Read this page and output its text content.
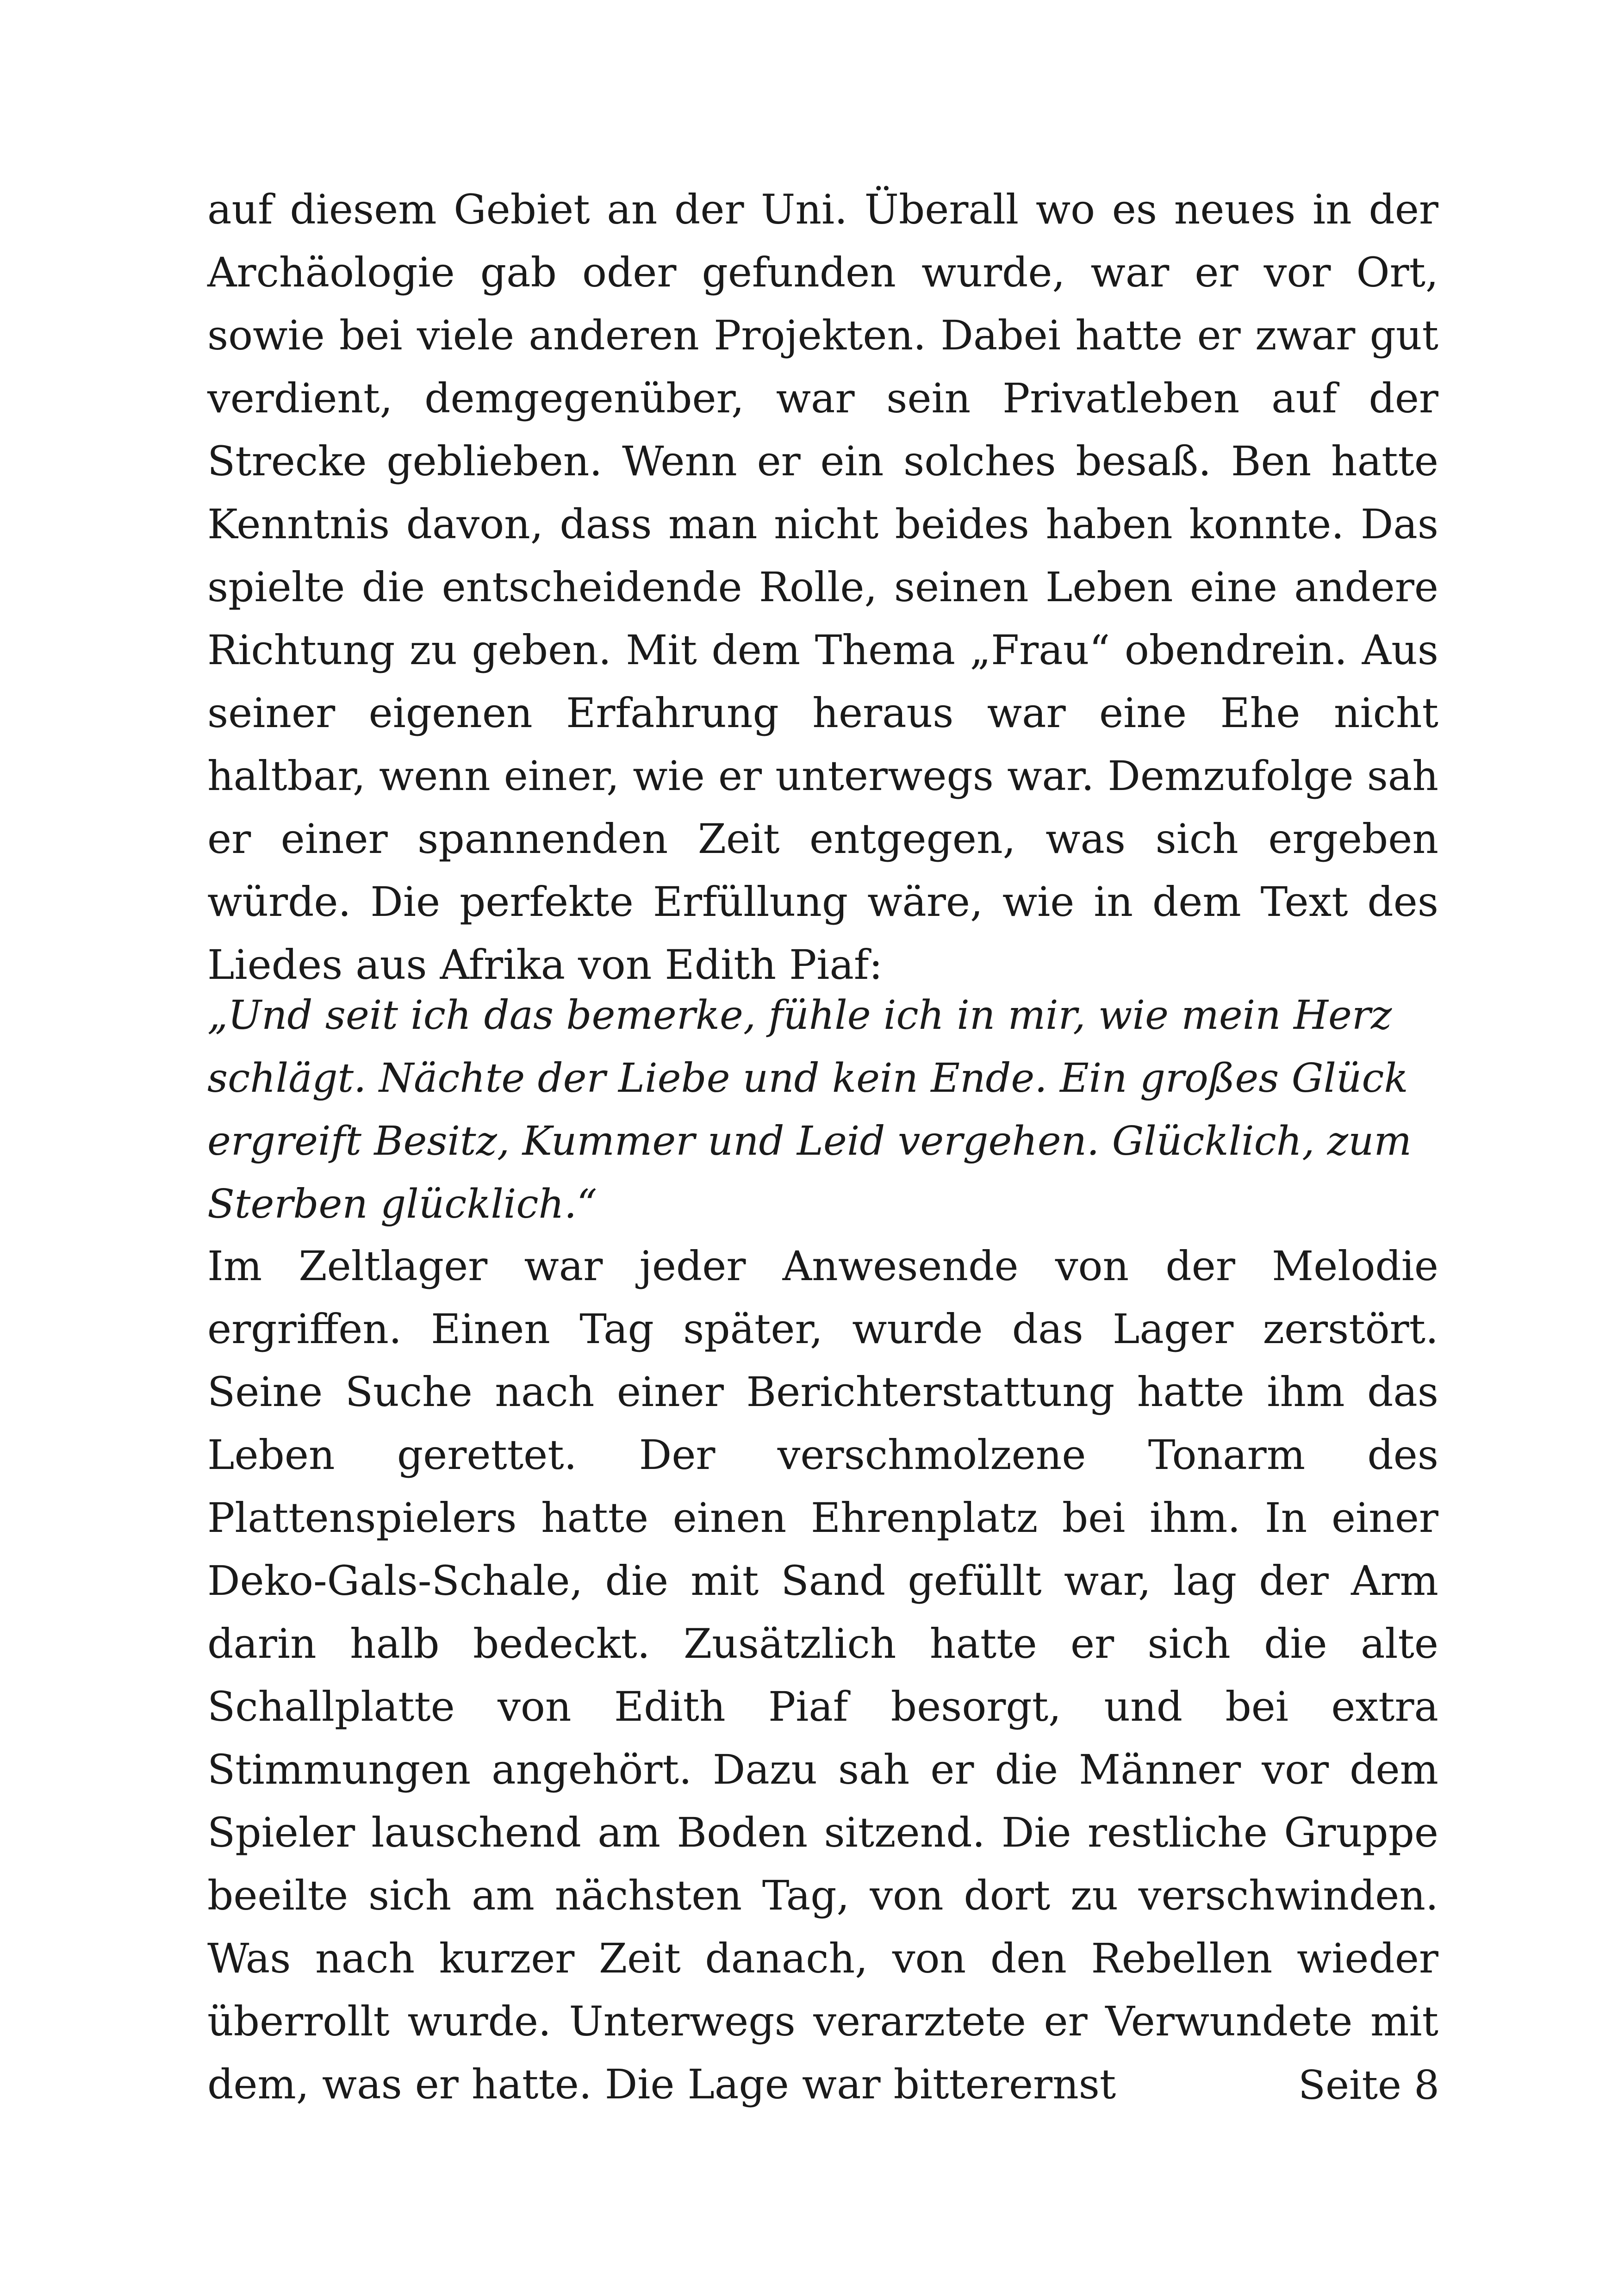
auf diesem Gebiet an der Uni. Überall wo es neues in der Archäologie gab oder gefunden wurde, war er vor Ort, sowie bei viele anderen Projekten. Dabei hatte er zwar gut verdient, demgegenüber, war sein Privatleben auf der Strecke geblieben. Wenn er ein solches besaß. Ben hatte Kenntnis davon, dass man nicht beides haben konnte. Das spielte die entscheidende Rolle, seinen Leben eine andere Richtung zu geben. Mit dem Thema „Frau“ obendrein. Aus seiner eigenen Erfahrung heraus war eine Ehe nicht haltbar, wenn einer, wie er unterwegs war. Demzufolge sah er einer spannenden Zeit entgegen, was sich ergeben würde. Die perfekte Erfüllung wäre, wie in dem Text des Liedes aus Afrika von Edith Piaf:

„Und seit ich das bemerke, fühle ich in mir, wie mein Herz schlägt. Nächte der Liebe und kein Ende. Ein großes Glück ergreift Besitz, Kummer und Leid vergehen. Glücklich, zum Sterben glücklich.“

Im Zeltlager war jeder Anwesende von der Melodie ergriffen. Einen Tag später, wurde das Lager zerstört. Seine Suche nach einer Berichterstattung hatte ihm das Leben gerettet. Der verschmolzene Tonarm des Plattenspielers hatte einen Ehrenplatz bei ihm. In einer Deko-Gals-Schale, die mit Sand gefüllt war, lag der Arm darin halb bedeckt. Zusätzlich hatte er sich die alte Schallplatte von Edith Piaf besorgt, und bei extra Stimmungen angehört. Dazu sah er die Männer vor dem Spieler lauschend am Boden sitzend. Die restliche Gruppe beeilte sich am nächsten Tag, von dort zu verschwinden. Was nach kurzer Zeit danach, von den Rebellen wieder überrollt wurde. Unterwegs verarztete er Verwundete mit dem, was er hatte. Die Lage war bitterernst	Seite 8
